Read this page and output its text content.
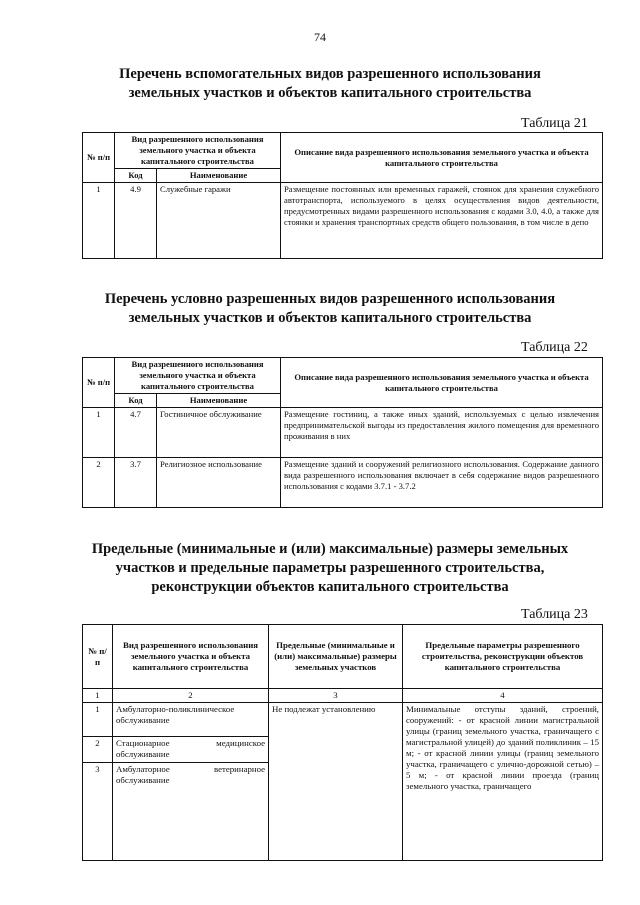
74
Перечень вспомогательных видов разрешенного использования
земельных участков и объектов капитального строительства
Таблица 21
№ п/п	Вид разрешенного использования земельного участка и объекта капитального строительства		Описание вида разрешенного использования земельного участка и объекта капитального строительства
	Код	Наименование	
1	4.9	Служебные гаражи	Размещение постоянных или временных гаражей, стоянок для хранения служебного автотранспорта, используемого в целях осуществления видов деятельности, предусмотренных видами разрешенного использования с кодами 3.0, 4.0, а также для стоянки и хранения транспортных средств общего пользования, в том числе в депо
Перечень условно разрешенных видов разрешенного использования
земельных участков и объектов капитального строительства
Таблица 22
№ п/п	Вид разрешенного использования земельного участка и объекта капитального строительства		Описание вида разрешенного использования земельного участка и объекта капитального строительства
	Код	Наименование	
1	4.7	Гостиничное обслуживание	Размещение гостиниц, а также иных зданий, используемых с целью извлечения предпринимательской выгоды из предоставления жилого помещения для временного проживания в них
2	3.7	Религиозное использование	Размещение зданий и сооружений религиозного использования. Содержание данного вида разрешенного использования включает в себя содержание видов разрешенного использования с кодами 3.7.1 - 3.7.2
Предельные (минимальные и (или) максимальные) размеры земельных
участков и предельные параметры разрешенного строительства,
реконструкции объектов капитального строительства
Таблица 23
№ п/п	Вид разрешенного использования земельного участка и объекта капитального строительства	Предельные (минимальные и (или) максимальные) размеры земельных участков	Предельные параметры разрешенного строительства, реконструкции объектов капитального строительства
1	2	3	4
1	Амбулаторно-поликлиническое обслуживание	Не подлежат установлению	Минимальные отступы зданий, строений, сооружений: - от красной линии магистральной улицы (границ земельного участка, граничащего с магистральной улицей) до зданий поликлиник – 15 м; - от красной линии улицы (границ земельного участка, граничащего с улично-дорожной сетью) – 5 м; - от красной линии проезда (границ земельного участка, граничащего
2	Стационарное медицинское обслуживание		
3	Амбулаторное ветеринарное обслуживание		
